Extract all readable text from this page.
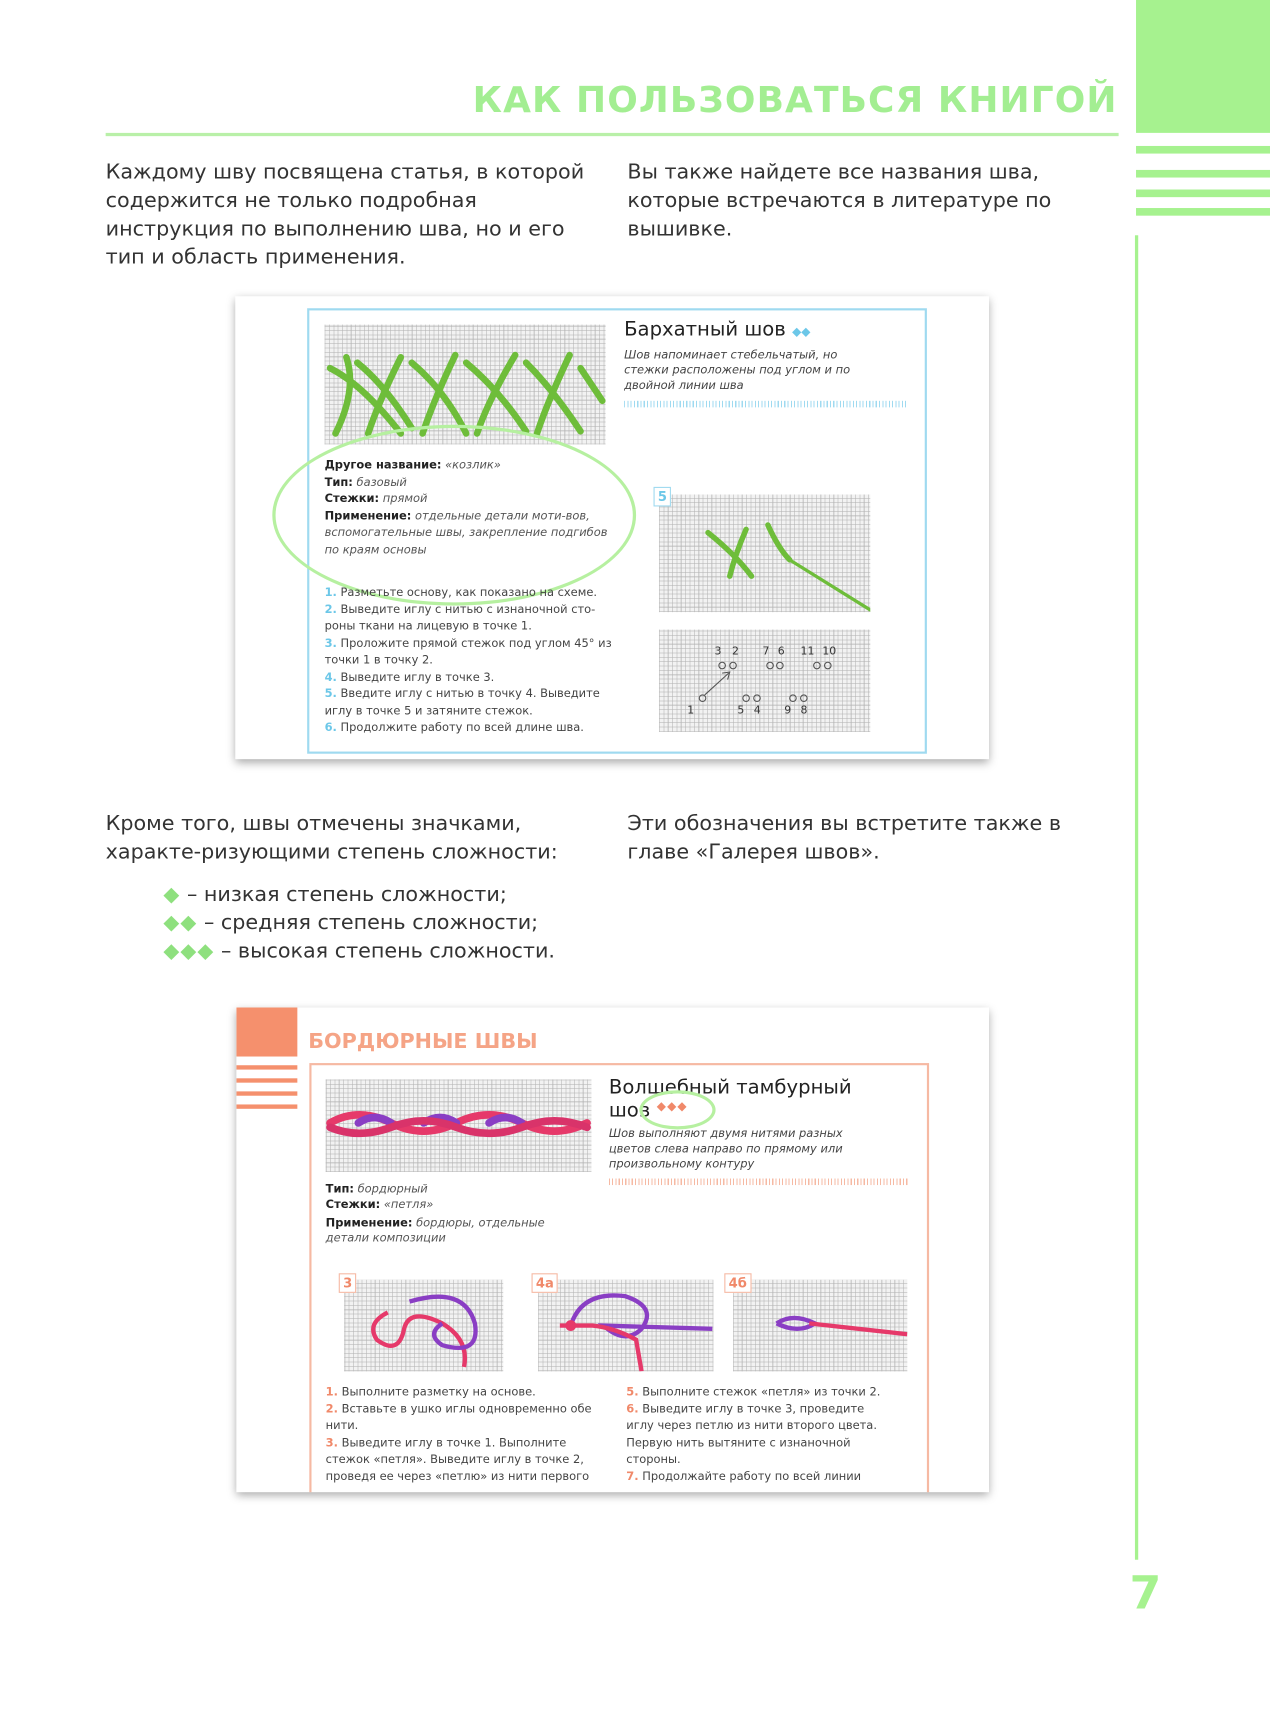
КАК ПОЛЬЗОВАТЬСЯ КНИГОЙ
Каждому шву посвящена статья, в которой содержится не только подробная инструкция по выполнению шва, но и его тип и область применения.
Вы также найдете все названия шва, которые встречаются в литературе по вышивке.
Бархатный шов ◆◆
Шов напоминает стебельчатый, но стежки расположены под углом и по двойной линии шва
Другое название: «козлик»
Тип: базовый
Стежки: прямой
Применение: отдельные детали моти-вов, вспомогательные швы, закрепление подгибов по краям основы
1. Разметьте основу, как показано на схеме.
2. Выведите иглу с нитью с изнаночной сто-роны ткани на лицевую в точке 1.
3. Проложите прямой стежок под углом 45° из точки 1 в точку 2.
4. Выведите иглу в точке 3.
5. Введите иглу с нитью в точку 4. Выведите иглу в точке 5 и затяните стежок.
6. Продолжите работу по всей длине шва.
5
3 2 7 6 11 10
1	5 4 9 8
Кроме того, швы отмечены значками, характе-ризующими степень сложности:
Эти обозначения вы встретите также в главе «Галерея швов».
◆ – низкая степень сложности;
◆◆ – средняя степень сложности;
◆◆◆ – высокая степень сложности.
БОРДЮРНЫЕ ШВЫ
Волшебный тамбурный шов ◆◆◆
Шов выполняют двумя нитями разных цветов слева направо по прямому или произвольному контуру
Тип: бордюрный
Стежки: «петля»
Применение: бордюры, отдельные детали композиции
3	4а	4б
1. Выполните разметку на основе.
2. Вставьте в ушко иглы одновременно обе нити.
3. Выведите иглу в точке 1. Выполните стежок «петля». Выведите иглу в точке 2, проведя ее через «петлю» из нити первого
5. Выполните стежок «петля» из точки 2.
6. Выведите иглу в точке 3, проведите иглу через петлю из нити второго цвета. Первую нить вытяните с изнаночной стороны.
7. Продолжайте работу по всей линии
7
